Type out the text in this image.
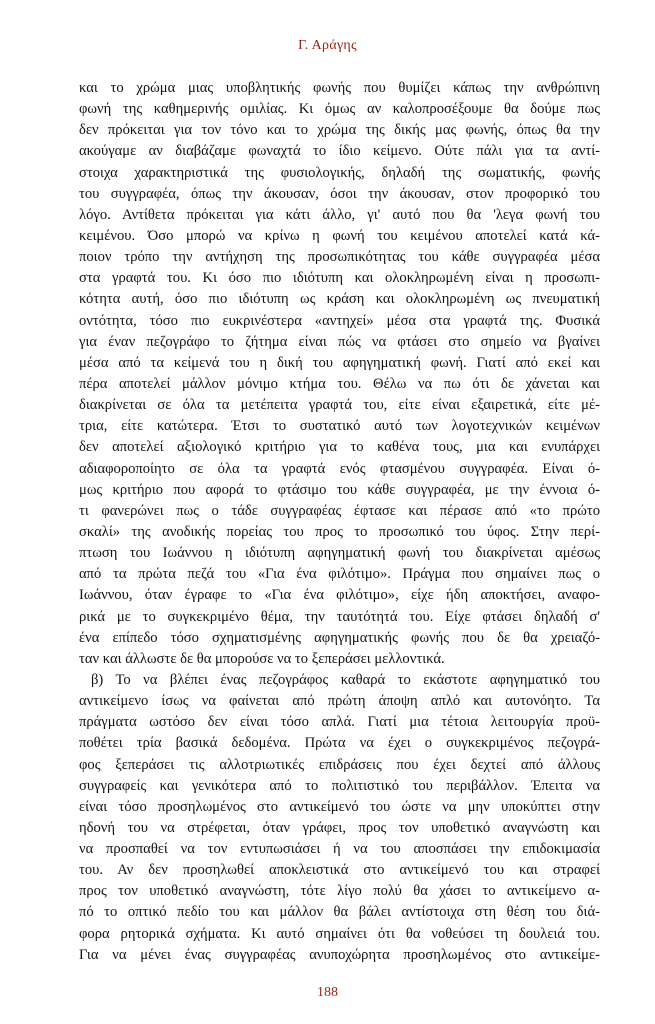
Γ. Αράγης
και το χρώμα μιας υποβλητικής φωνής που θυμίζει κάπως την ανθρώπινη
φωνή της καθημερινής ομιλίας. Κι όμως αν καλοπροσέξουμε θα δούμε πως
δεν πρόκειται για τον τόνο και το χρώμα της δικής μας φωνής, όπως θα την
ακούγαμε αν διαβάζαμε φωναχτά το ίδιο κείμενο. Ούτε πάλι για τα αντί-
στοιχα χαρακτηριστικά της φυσιολογικής, δηλαδή της σωματικής, φωνής
του συγγραφέα, όπως την άκουσαν, όσοι την άκουσαν, στον προφορικό του
λόγο. Αντίθετα πρόκειται για κάτι άλλο, γι' αυτό που θα 'λεγα φωνή του
κειμένου. Όσο μπορώ να κρίνω η φωνή του κειμένου αποτελεί κατά κά-
ποιον τρόπο την αντήχηση της προσωπικότητας του κάθε συγγραφέα μέσα
στα γραφτά του. Κι όσο πιο ιδιότυπη και ολοκληρωμένη είναι η προσωπι-
κότητα αυτή, όσο πιο ιδιότυπη ως κράση και ολοκληρωμένη ως πνευματική
οντότητα, τόσο πιο ευκρινέστερα «αντηχεί» μέσα στα γραφτά της. Φυσικά
για έναν πεζογράφο το ζήτημα είναι πώς να φτάσει στο σημείο να βγαίνει
μέσα από τα κείμενά του η δική του αφηγηματική φωνή. Γιατί από εκεί και
πέρα αποτελεί μάλλον μόνιμο κτήμα του. Θέλω να πω ότι δε χάνεται και
διακρίνεται σε όλα τα μετέπειτα γραφτά του, είτε είναι εξαιρετικά, είτε μέ-
τρια, είτε κατώτερα. Έτσι το συστατικό αυτό των λογοτεχνικών κειμένων
δεν αποτελεί αξιολογικό κριτήριο για το καθένα τους, μια και ενυπάρχει
αδιαφοροποίητο σε όλα τα γραφτά ενός φτασμένου συγγραφέα. Είναι ό-
μως κριτήριο που αφορά το φτάσιμο του κάθε συγγραφέα, με την έννοια ό-
τι φανερώνει πως ο τάδε συγγραφέας έφτασε και πέρασε από «το πρώτο
σκαλί» της ανοδικής πορείας του προς το προσωπικό του ύφος. Στην περί-
πτωση του Ιωάννου η ιδιότυπη αφηγηματική φωνή του διακρίνεται αμέσως
από τα πρώτα πεζά του «Για ένα φιλότιμο». Πράγμα που σημαίνει πως ο
Ιωάννου, όταν έγραφε το «Για ένα φιλότιμο», είχε ήδη αποκτήσει, αναφο-
ρικά με το συγκεκριμένο θέμα, την ταυτότητά του. Είχε φτάσει δηλαδή σ'
ένα επίπεδο τόσο σχηματισμένης αφηγηματικής φωνής που δε θα χρειαζό-
ταν και άλλωστε δε θα μπορούσε να το ξεπεράσει μελλοντικά.
β) Το να βλέπει ένας πεζογράφος καθαρά το εκάστοτε αφηγηματικό του
αντικείμενο ίσως να φαίνεται από πρώτη άποψη απλό και αυτονόητο. Τα
πράγματα ωστόσο δεν είναι τόσο απλά. Γιατί μια τέτοια λειτουργία προϋ-
ποθέτει τρία βασικά δεδομένα. Πρώτα να έχει ο συγκεκριμένος πεζογρά-
φος ξεπεράσει τις αλλοτριωτικές επιδράσεις που έχει δεχτεί από άλλους
συγγραφείς και γενικότερα από το πολιτιστικό του περιβάλλον. Έπειτα να
είναι τόσο προσηλωμένος στο αντικείμενό του ώστε να μην υποκύπτει στην
ηδονή του να στρέφεται, όταν γράφει, προς τον υποθετικό αναγνώστη και
να προσπαθεί να τον εντυπωσιάσει ή να του αποσπάσει την επιδοκιμασία
του. Αν δεν προσηλωθεί αποκλειστικά στο αντικείμενό του και στραφεί
προς τον υποθετικό αναγνώστη, τότε λίγο πολύ θα χάσει το αντικείμενο α-
πό το οπτικό πεδίο του και μάλλον θα βάλει αντίστοιχα στη θέση του διά-
φορα ρητορικά σχήματα. Κι αυτό σημαίνει ότι θα νοθεύσει τη δουλειά του.
Για να μένει ένας συγγραφέας ανυποχώρητα προσηλωμένος στο αντικείμε-
188
